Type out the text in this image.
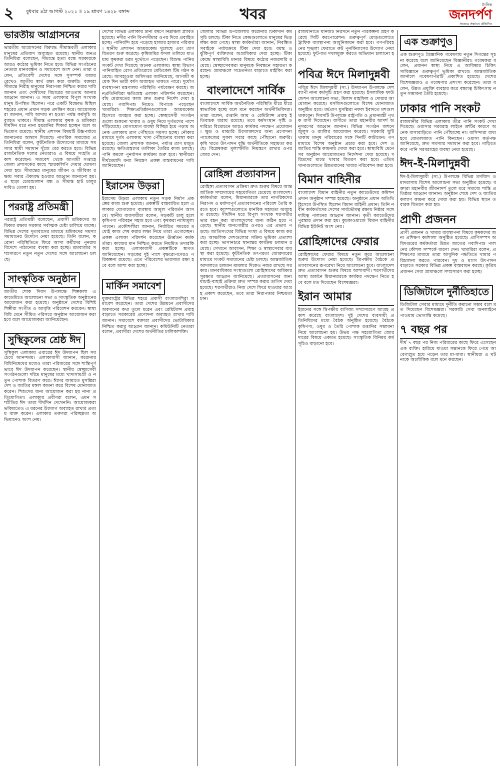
২	বুধবার ৪ঠা আগস্ট ২০২১ ॥ ১৯ শ্রাবণ ১৪২৮ বঙ্গাব্দ	খবর
দৈনিক
জনদর্পণ
সত্যের সন্ধানে প্রতিদিন
ভারতীয় আগ্রাসনের
ভারতীয় আগ্রাসনের বিরুদ্ধে সীমান্তবর্তী এলাকার মানুষের প্রতিবাদ অব্যাহত রয়েছে। স্থানীয় জনপ্রতিনিধিরা বলেছেন, সীমান্তে হত্যা বন্ধে সরকারকে আরও কঠোর ভূমিকা নিতে হবে। বিভিন্ন সংগঠনের নেতারা মানববন্ধন ও সমাবেশে অংশ নেন। তারা বলেন, প্রতিবেশী দেশের সঙ্গে সুসম্পর্ক বজায় রেখেও জাতীয় স্বার্থ রক্ষা করা জরুরি। বক্তারা সীমান্তে নিরীহ মানুষের নিরাপত্তা নিশ্চিত করার দাবি জানান এবং দোষীদের বিচারের আওতায় আনার আহ্বান জানান। এ সময় এলাকার বিপুল সংখ্যক মানুষ উপস্থিত ছিলেন। পরে একটি বিক্ষোভ মিছিল শহরের প্রধান প্রধান সড়ক প্রদক্ষিণ করে। আয়োজকরা জানান, দাবি আদায় না হওয়া পর্যন্ত কর্মসূচি অব্যাহত থাকবে। সীমান্ত এলাকার কৃষক ও শ্রমিকরা দীর্ঘদিন ধরে নানা হয়রানির শিকার হচ্ছেন বলে অভিযোগ রয়েছে। স্থানীয় প্রশাসন বিষয়টি উচ্চপর্যায়ে জানানোর আশ্বাস দিয়েছে। নাগরিক সমাজের প্রতিনিধিরা বলেন, কূটনৈতিক উদ্যোগের মাধ্যমে সমস্যার স্থায়ী সমাধান খুঁজে বের করতে হবে। বিভিন্ন রাজনৈতিক দলের নেতারাও এ বিষয়ে সংহতি প্রকাশ করেছেন। সমাবেশ থেকে আগামী সপ্তাহে জেলা প্রশাসকের কাছে স্মারকলিপি দেয়ার ঘোষণা দেয়া হয়। সীমান্তের মানুষের জীবন ও জীবিকা রক্ষায় সবার ঐক্যবদ্ধ হওয়ার আহ্বান জানানো হয়। এ ছাড়া চোরাচালান বন্ধ ও সীমান্ত হাট চালুর দাবিও তোলা হয়।
পররাষ্ট্র প্রতিমন্ত্রী
পররাষ্ট্র প্রতিমন্ত্রী বলেছেন, প্রবাসী শ্রমিকদের অধিকার রক্ষায় সরকার সর্বাত্মক চেষ্টা চালিয়ে যাচ্ছে। বিভিন্ন দেশের দূতাবাসের মাধ্যমে শ্রমিকদের সমস্যা সমাধানের উদ্যোগ নেয়া হয়েছে। তিনি বলেন, করোনা পরিস্থিতিতে ফিরে আসা কর্মীদের পুনরায় বিদেশে পাঠানোর ব্যবস্থা করা হচ্ছে। শ্রমবাজার সম্প্রসারণে নতুন নতুন দেশের সঙ্গে আলোচনা চলছে।
সাংস্কৃতিক অনুষ্ঠান
জাতীয় শোক দিবস উপলক্ষে শিল্পকলা একাডেমিতে আলোচনা সভা ও সাংস্কৃতিক অনুষ্ঠানের আয়োজন করা হয়েছে। অনুষ্ঠানে দেশের বিশিষ্ট শিল্পীরা সংগীত ও আবৃত্তি পরিবেশন করবেন। স্বাস্থ্যবিধি মেনে সীমিত পরিসরে অনুষ্ঠান আয়োজন করা হবে বলে আয়োজকরা জানিয়েছেন।
সুস্থিকুলের শ্রেষ্ঠ ঈদ
সুস্থিকুল এলাকায় এবারের ঈদ উদযাপন ছিল সবচেয়ে আনন্দময়। এলাকাবাসী জানান, করোনার বিধিনিষেধের মধ্যেও তারা পরিবারের সঙ্গে শান্তিপূর্ণভাবে ঈদ উদযাপন করেছেন। স্থানীয় স্বেচ্ছাসেবী সংগঠনগুলো দরিদ্র মানুষের মধ্যে খাদ্যসামগ্রী ও নতুন পোশাক বিতরণ করে। ঈদের জামাতে মুসল্লিরা দেশ ও জাতির মঙ্গল কামনা করে বিশেষ মোনাজাত করেন। শিশুদের জন্য আয়োজন করা হয় নানা প্রতিযোগিতা। এলাকার প্রবীণরা বলেন, এমন সম্প্রীতির ঈদ তারা দীর্ঘদিন দেখেননি। আয়োজকরা ভবিষ্যতেও এ ধরনের উদ্যোগ অব্যাহত রাখার প্রত্যয় ব্যক্ত করেন। এলাকার তরুণরা পরিচ্ছন্নতা অভিযানেও অংশ নেয়।
দেশের বিভিন্ন এলাকায় টানা বর্ষণে নিম্নাঞ্চল প্লাবিত হয়েছে। নদীর পানি বিপদসীমার ওপর দিয়ে প্রবাহিত হচ্ছে। পানিবন্দি হয়ে পড়েছে হাজার হাজার পরিবার। স্থানীয় প্রশাসন আশ্রয়কেন্দ্র খুলেছে এবং ত্রাণ বিতরণ শুরু করেছে। কৃষিজমির ফসল তলিয়ে যাওয়ায় কৃষকরা চরম দুর্ভোগে পড়েছেন। বিশুদ্ধ পানির সংকট দেখা দিয়েছে অনেক এলাকায়। স্বাস্থ্য বিভাগ পানিবাহিত রোগ প্রতিরোধে মেডিকেল টিম গঠন করেছে। আবহাওয়া অধিদপ্তর জানিয়েছে, আগামী কয়েক দিন ভারী বর্ষণ অব্যাহত থাকতে পারে। দুর্যোগ ব্যবস্থাপনা মন্ত্রণালয় পরিস্থিতি পর্যবেক্ষণ করছে। জনপ্রতিনিধিরা ক্ষতিগ্রস্ত এলাকা পরিদর্শন করেছেন। বাঁধ মেরামতের কাজ দ্রুত শুরুর নির্দেশ দেয়া হয়েছে। গবাদিপশু নিয়েও বিপাকে পড়েছেন খামারিরা। শিক্ষাপ্রতিষ্ঠানগুলোকে আশ্রয়কেন্দ্র হিসেবে ব্যবহার করা হচ্ছে। স্বেচ্ছাসেবী সংগঠনগুলো শুকনো খাবার ও ওষুধ নিয়ে দুর্গতদের পাশে দাঁড়িয়েছে। যোগাযোগ ব্যবস্থা বিচ্ছিন্ন হয়ে পড়ায় অনেক এলাকায় ত্রাণ পৌঁছাতে সমস্যা হচ্ছে। নৌকার মাধ্যমে দুর্গম এলাকায় খাদ্য পৌঁছানোর ব্যবস্থা করা হয়েছে। জেলা প্রশাসক জানান, পর্যাপ্ত ত্রাণ মজুত রয়েছে। ক্ষতিগ্রস্তদের তালিকা তৈরির কাজ চলছে। পানি কমলে পুনর্বাসন কার্যক্রম শুরু হবে। স্থানীয়রা দীর্ঘমেয়াদি বন্যা নিয়ন্ত্রণ প্রকল্প বাস্তবায়নের দাবি জানিয়েছেন।
ইরাসেম উড়রা
ইরাসেম উড়রা এলাকায় নতুন সড়ক নির্মাণ প্রকল্পের কাজ শুরু হয়েছে। প্রকল্পটি বাস্তবায়িত হলে এলাকার যোগাযোগ ব্যবস্থায় আমূল পরিবর্তন আসবে। স্থানীয় ব্যবসায়ীরা বলেন, সড়কটি চালু হলে কৃষিপণ্য পরিবহন সহজ হবে এবং কৃষকরা ন্যায্যমূল্য পাবেন। প্রকৌশলীরা জানান, নির্ধারিত সময়ের মধ্যেই কাজ শেষ করার লক্ষ্য নিয়ে তারা এগোচ্ছেন। প্রকল্প এলাকা পরিদর্শন করেছেন ঊর্ধ্বতন কর্মকর্তারা। কাজের মান নিশ্চিত করতে নিয়মিত তদারকি করা হচ্ছে। এলাকাবাসী প্রকল্পটিকে স্বাগত জানিয়েছেন। সড়কের দুই পাশে বৃক্ষরোপণেরও পরিকল্পনা রয়েছে। এতে পরিবেশের ভারসাম্য রক্ষা হবে বলে আশা করা হচ্ছে।
মার্কিন সমাবেশ
যুক্তরাষ্ট্রের বিভিন্ন শহরে প্রবাসী বাংলাদেশিরা সমাবেশ করেছেন। তারা দেশের উন্নয়নে প্রবাসীদের অবদানের কথা তুলে ধরেন এবং রেমিট্যান্স প্রবাহ বাড়াতে সরকারের প্রণোদনা অব্যাহত রাখার দাবি জানান। সমাবেশে বক্তারা প্রবাসীদের ভোটাধিকার নিশ্চিত করার আহ্বান জানান। কমিউনিটি নেতারা বলেন, প্রবাসীরা দেশের অর্থনীতির চালিকাশক্তি।
জেলার বিভিন্ন উপজেলায় করোনার টিকাদান কর্মসূচি চলছে। টিকা নিতে কেন্দ্রগুলোতে মানুষের ভিড় লক্ষ্য করা গেছে। স্বাস্থ্য কর্মকর্তারা জানান, নিবন্ধিত সবাইকে পর্যায়ক্রমে টিকা দেয়া হবে। বয়স্ক ও ঝুঁকিপূর্ণ ব্যক্তিদের অগ্রাধিকার দেয়া হচ্ছে। টিকা কেন্দ্রে স্বাস্থ্যবিধি মানার বিষয়ে কঠোর নজরদারি রয়েছে। স্বেচ্ছাসেবকরা মানুষকে নিবন্ধনে সহায়তা করছেন। গ্রামাঞ্চলে সচেতনতা বাড়াতে মাইকিং করা হচ্ছে।
বাংলাদেশে সার্বিক
বাংলাদেশে সার্বিক অর্থনৈতিক পরিস্থিতি ধীরে ধীরে স্বাভাবিক হচ্ছে বলে মনে করছেন অর্থনীতিবিদরা। তারা বলেন, রপ্তানি আয় ও রেমিট্যান্স প্রবাহ ইতিবাচক ধারায় রয়েছে। তবে কর্মসংস্থান সৃষ্টি ও দারিদ্র্য বিমোচনে আরও কার্যকর পদক্ষেপ প্রয়োজন। ক্ষুদ্র ও মাঝারি উদ্যোক্তাদের জন্য প্রণোদনা প্যাকেজের সুফল সবার কাছে পৌঁছানো জরুরি। কৃষি খাতে উৎপাদন বৃদ্ধি অর্থনীতিকে সহায়তা করছে। বিশ্লেষকরা মূল্যস্ফীতি নিয়ন্ত্রণে রাখার ওপর জোর দেন।
রোহিঙ্গা প্রত্যাবাসন
রোহিঙ্গা প্রত্যাবাসন প্রক্রিয়া দ্রুত শুরুর বিষয়ে আন্তর্জাতিক সম্প্রদায়ের সহযোগিতা চেয়েছে বাংলাদেশ। কর্মকর্তারা বলেন, মিয়ানমারকে তার নাগরিকদের নিরাপদ ও মর্যাদাপূর্ণ প্রত্যাবাসনের পরিবেশ তৈরি করতে হবে। ক্যাম্পগুলোতে মানবিক সহায়তা অব্যাহত রয়েছে। দীর্ঘদিন ধরে বিপুল সংখ্যক শরণার্থীর ভার বহন করা বাংলাদেশের জন্য কঠিন হয়ে পড়েছে। স্থানীয় জনগোষ্ঠীর ওপরও এর প্রভাব পড়ছে। জাতিসংঘের বিভিন্ন সংস্থা এ বিষয়ে কাজ করছে। আঞ্চলিক দেশগুলোর সক্রিয় ভূমিকা প্রত্যাশা করা হচ্ছে। ভাসানচরে স্থানান্তর কার্যক্রম চলমান রয়েছে। সেখানে আবাসন, শিক্ষা ও স্বাস্থ্যসেবার ব্যবস্থা করা হয়েছে। কূটনৈতিক তৎপরতা জোরদারের মাধ্যমে সংকট সমাধানের চেষ্টা চলছে। আন্তর্জাতিক আদালতে চলমান মামলার দিকেও নজর রাখছে সরকার। মানবাধিকার সংস্থাগুলো রোহিঙ্গাদের অধিকার সুরক্ষার আহ্বান জানিয়েছে। প্রত্যাবাসনের জন্য যাচাই-বাছাই প্রক্রিয়া দ্রুত সম্পন্ন করার তাগিদ দেয়া হয়েছে। শরণার্থীরাও নিজ দেশে ফিরে যাওয়ার আগ্রহ প্রকাশ করেছেন, তবে তারা নিরাপত্তার নিশ্চয়তা চান।
রাজধানীতে যানজট নিরসনে নতুন পরিকল্পনা গ্রহণ করেছে সিটি করপোরেশন। গুরুত্বপূর্ণ মোড়গুলোতে ট্রাফিক ব্যবস্থাপনা আধুনিকায়ন করা হবে। গণপরিবহনের শৃঙ্খলা ফেরাতে রুট পুনর্বিন্যাসের উদ্যোগ নেয়া হয়েছে। ফুটপাত দখলমুক্ত করতে অভিযান চালানো হচ্ছে।
পবিত্র ঈদে মিলাদুন্নবী
পবিত্র ঈদে মিলাদুন্নবী (সা.) উদযাপন উপলক্ষে দেশব্যাপী নানা কর্মসূচি গ্রহণ করা হয়েছে। ইসলামিক ফাউন্ডেশন আলোচনা সভা, মিলাদ মাহফিল ও দোয়ার আয়োজন করেছে। মসজিদগুলোতে বিশেষ মোনাজাত অনুষ্ঠিত হবে। ধর্মপ্রাণ মুসল্লিরা নফল ইবাদতে মশগুল থাকবেন। দিবসটি উপলক্ষে রাষ্ট্রপতি ও প্রধানমন্ত্রী পৃথক বাণী দিয়েছেন। বাণীতে তারা মহানবীর আদর্শ অনুসরণের আহ্বান জানান। বিভিন্ন সংগঠন জশনে জুলুস ও র‍্যালির আয়োজন করেছে। সরকারি ছুটি থাকায় মানুষ পরিবারের সঙ্গে দিনটি কাটাবেন। গণমাধ্যমে বিশেষ অনুষ্ঠান প্রচার করা হবে। দেশ ও জাতির শান্তি কামনায় দোয়া করা হবে। স্বাস্থ্যবিধি মেনে সব অনুষ্ঠান আয়োজনের নির্দেশনা দেয়া হয়েছে। দরিদ্রদের মাঝে খাবার বিতরণ করা হবে। এতিমখানাগুলোতে উন্নতমানের খাবার পরিবেশন করা হবে।
বিমান বাহিনীর
বাংলাদেশ বিমান বাহিনীর নতুন ক্যাডেটদের কমিশন প্রদান অনুষ্ঠান সম্পন্ন হয়েছে। অনুষ্ঠানে প্রধান অতিথি হিসেবে উপস্থিত ছিলেন বিমান বাহিনী প্রধান। তিনি নবীন কর্মকর্তাদের দেশের সার্বভৌমত্ব রক্ষায় নিষ্ঠার সঙ্গে দায়িত্ব পালনের আহ্বান জানান। কৃতী ক্যাডেটদের পুরস্কার প্রদান করা হয়। কুচকাওয়াজে বিমান বাহিনীর বিভিন্ন ইউনিট অংশ নেয়।
রোহিঙ্গাদের ফেরার
রোহিঙ্গাদের ফেরার বিষয়ে নতুন করে আলোচনা শুরুর উদ্যোগ নেয়া হয়েছে। ত্রিপক্ষীয় বৈঠকে প্রত্যাবাসনের রূপরেখা নিয়ে আলোচনা হবে। বাংলাদেশ দ্রুত প্রত্যাবাসন শুরুর বিষয়ে আশাবাদী। শরণার্থীদের আস্থা অর্জনে মিয়ানমারকে কার্যকর পদক্ষেপ নিতে হবে বলে মত দিয়েছেন বিশেষজ্ঞরা।
ইরান আমার
ইরানের সঙ্গে দ্বিপক্ষীয় বাণিজ্য সম্প্রসারণে আগ্রহ প্রকাশ করেছে বাংলাদেশ। দুই দেশের ব্যবসায়ী প্রতিনিধিদের মধ্যে বৈঠক অনুষ্ঠিত হয়েছে। বৈঠকে কৃষিপণ্য, ওষুধ ও তৈরি পোশাক রপ্তানির সম্ভাবনা নিয়ে আলোচনা হয়। উভয় পক্ষ সহযোগিতা জোরদারের বিষয়ে একমত হয়েছে। সাংস্কৃতিক বিনিময় কর্মসূচিও বাড়ানো হবে।
এক শুক্রাণুও
এক শুক্রাণুও বৈজ্ঞানিক গবেষণায় নতুন দিগন্তের সূচনা করেছে বলে জানিয়েছেন বিজ্ঞানীরা। গবেষকরা বলেন, প্রজনন স্বাস্থ্য নিয়ে এ আবিষ্কার চিকিৎসাবিজ্ঞানে গুরুত্বপূর্ণ ভূমিকা রাখবে। আন্তর্জাতিক জার্নালে গবেষণাপত্রটি প্রকাশিত হয়েছে। দেশের বিশেষজ্ঞরাও এ গবেষণার প্রশংসা করেছেন। তারা বলেন, উন্নত প্রযুক্তি ব্যবহার করে বন্ধ্যাত্ব চিকিৎসায় নতুন সম্ভাবনা তৈরি হয়েছে।
ঢাকার পানি সংকট
রাজধানীর বিভিন্ন এলাকায় তীব্র পানি সংকট দেখা দিয়েছে। ওয়াসার সরবরাহ লাইনে ত্রুটির কারণে অনেক বাসাবাড়িতে পানি পৌঁছাচ্ছে না। বাসিন্দারা বাধ্য হয়ে বোতলজাত পানি কিনছেন। ওয়াসা কর্তৃপক্ষ জানিয়েছে, দ্রুত সমস্যার সমাধান করা হবে। গাড়িতে করে পানি সরবরাহের ব্যবস্থা নেয়া হয়েছে।
ঈদ-ই-মিলাদুন্নবী
ঈদ-ই-মিলাদুন্নবী (সা.) উপলক্ষে বিভিন্ন মসজিদ ও মাদরাসায় বিশেষ আলোচনা সভা অনুষ্ঠিত হয়েছে। বক্তারা মহানবীর জীবনাদর্শ তুলে ধরে সমাজে শান্তি প্রতিষ্ঠার আহ্বান জানান। অনুষ্ঠান শেষে দেশ ও জাতির কল্যাণ কামনা করে দোয়া করা হয়। বিভিন্ন স্থানে তবারক বিতরণ করা হয়।
প্রাণী প্রজনন
প্রাণী প্রজনন ও খামার ব্যবস্থাপনা বিষয়ে কৃষকদের জন্য প্রশিক্ষণ কর্মশালা অনুষ্ঠিত হয়েছে। প্রাণিসম্পদ অধিদপ্তরের কর্মকর্তারা উন্নত জাতের গবাদিপশু পালনের কৌশল সম্পর্কে ধারণা দেন। খামারিরা বলেন, প্রশিক্ষণের মাধ্যমে তারা আধুনিক পদ্ধতিতে খামার পরিচালনা করতে পারবেন। দুধ ও মাংস উৎপাদন বাড়াতে সরকার বিভিন্ন প্রকল্প বাস্তবায়ন করছে। কৃত্রিম প্রজনন সেবা গ্রামাঞ্চলে সম্প্রসারণ করা হচ্ছে।
ডিজিটালে দুর্নীতিহাতে
ডিজিটাল সেবার মাধ্যমে দুর্নীতি কমানো সম্ভব বলে মত দিয়েছেন বিশেষজ্ঞরা। সরকারি সেবা অনলাইনে পাওয়ায় ভোগান্তি কমেছে।
৭ বছর পর
দীর্ঘ ৭ বছর পর নিজ পরিবারের কাছে ফিরে এসেছেন এক ব্যক্তি। হারিয়ে যাওয়া সন্তানকে ফিরে পেয়ে আবেগাপ্লুত হয়ে পড়েন তার মা-বাবা। স্থানীয়রা এ ঘটনাকে অলৌকিক বলে মনে করছেন।
